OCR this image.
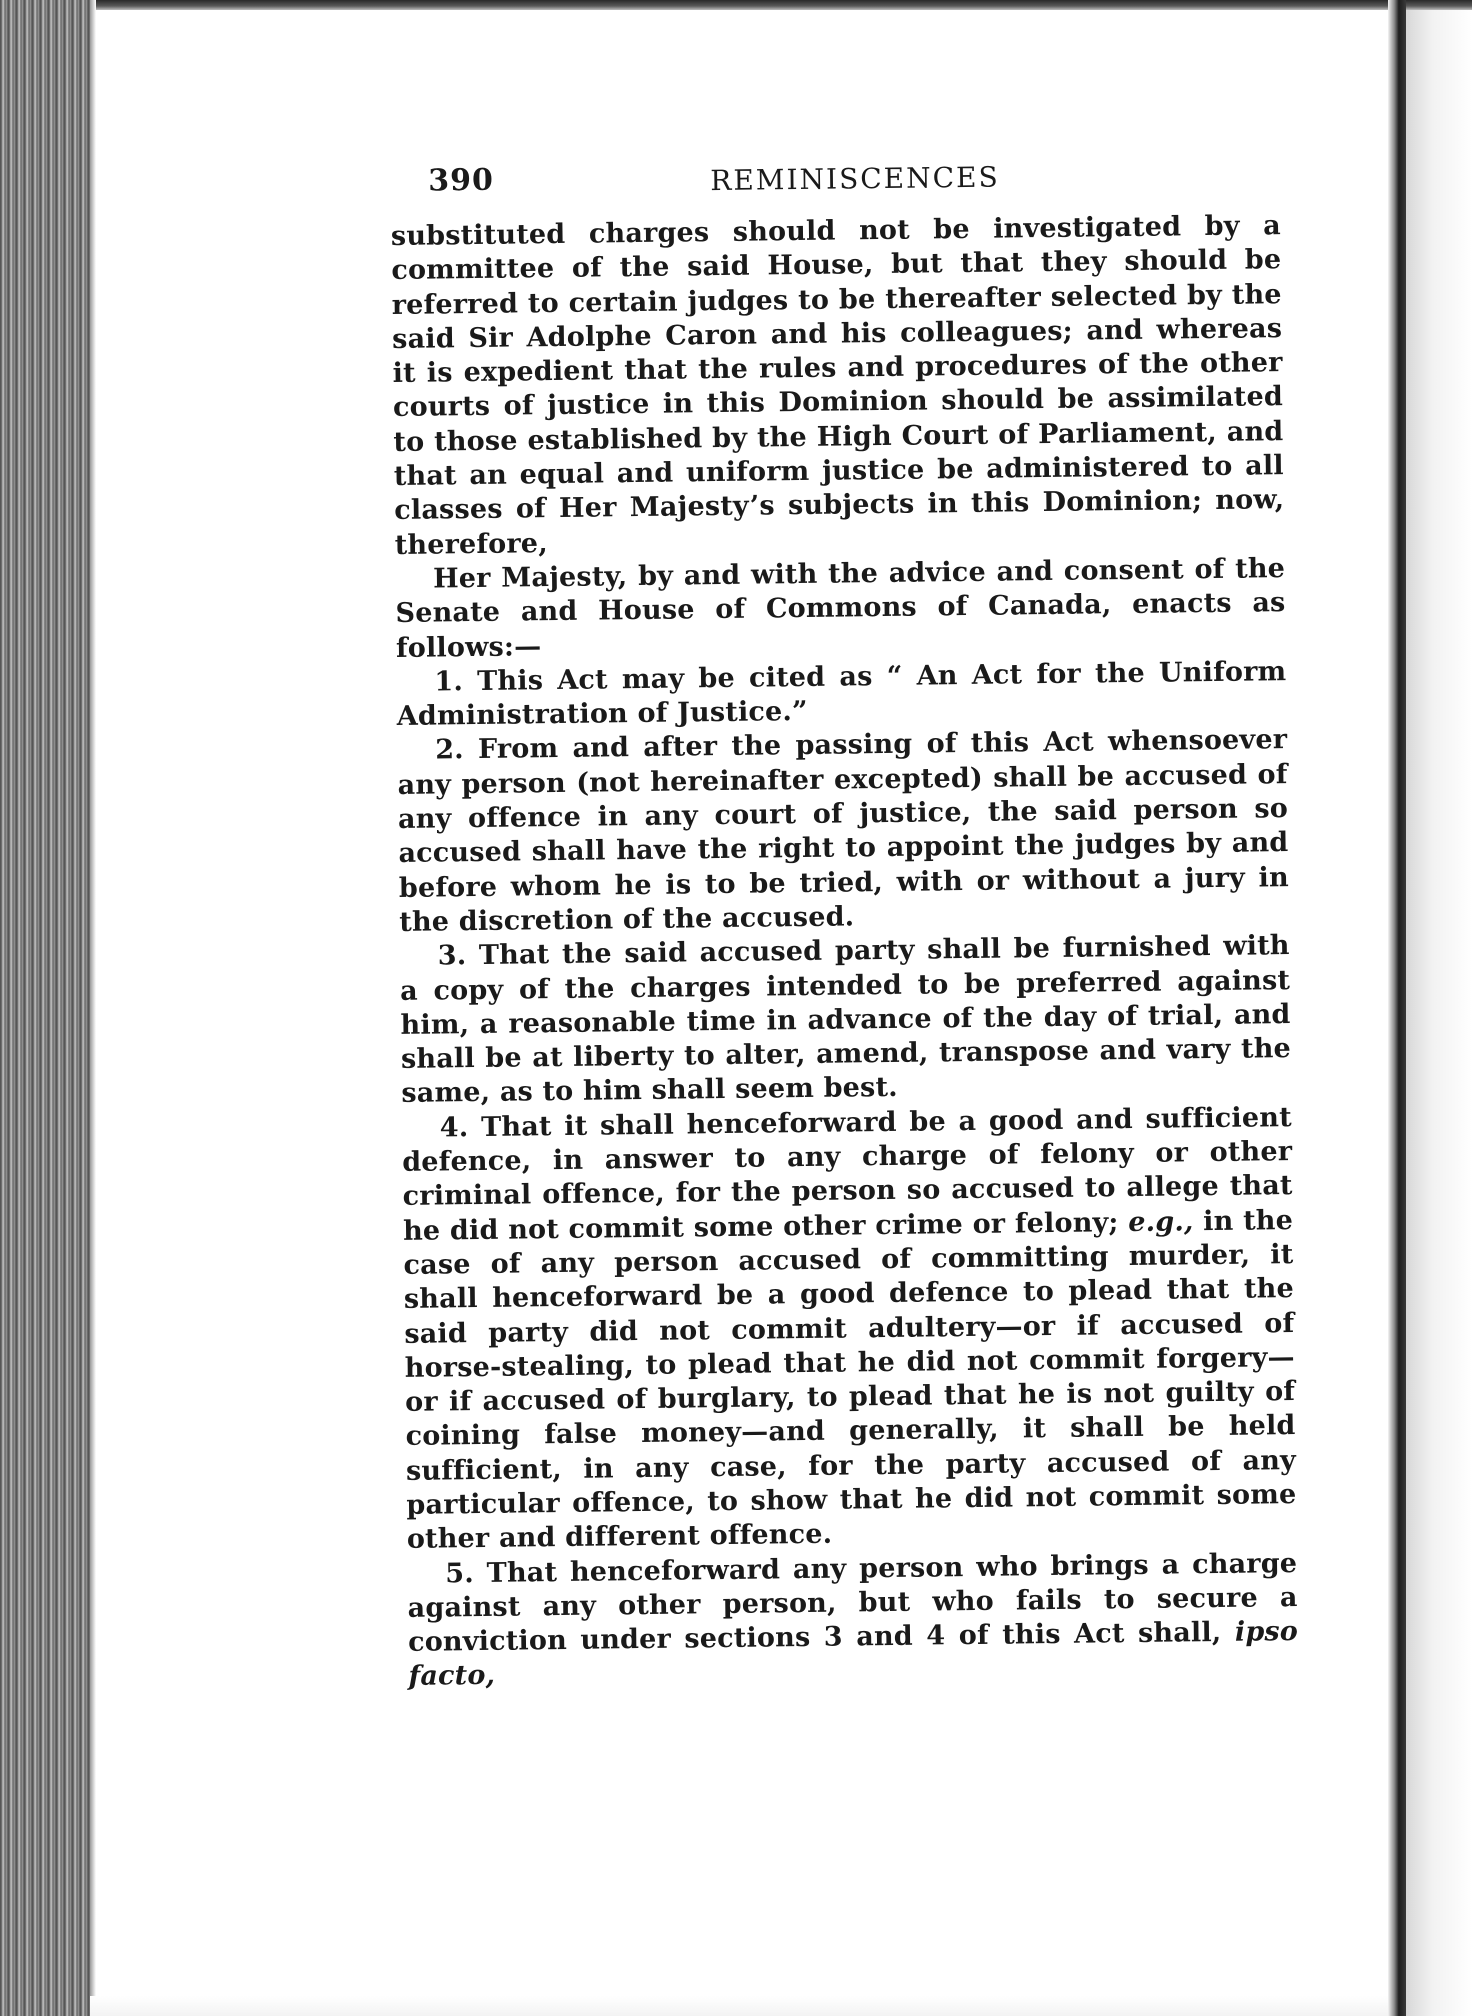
390	REMINISCENCES

substituted charges should not be investigated by a committee of the said House, but that they should be referred to certain judges to be thereafter selected by the said Sir Adolphe Caron and his colleagues; and whereas it is expedient that the rules and procedures of the other courts of justice in this Dominion should be assimilated to those established by the High Court of Parliament, and that an equal and uniform justice be administered to all classes of Her Majesty’s subjects in this Dominion; now, therefore,

Her Majesty, by and with the advice and consent of the Senate and House of Commons of Canada, enacts as follows:—

1. This Act may be cited as “ An Act for the Uniform Administration of Justice.”

2. From and after the passing of this Act whensoever any person (not hereinafter excepted) shall be accused of any offence in any court of justice, the said person so accused shall have the right to appoint the judges by and before whom he is to be tried, with or without a jury in the discretion of the accused.

3. That the said accused party shall be furnished with a copy of the charges intended to be preferred against him, a reasonable time in advance of the day of trial, and shall be at liberty to alter, amend, transpose and vary the same, as to him shall seem best.

4. That it shall henceforward be a good and sufficient defence, in answer to any charge of felony or other criminal offence, for the person so accused to allege that he did not commit some other crime or felony; e.g., in the case of any person accused of committing murder, it shall henceforward be a good defence to plead that the said party did not commit adultery—or if accused of horse-stealing, to plead that he did not commit forgery—or if accused of burglary, to plead that he is not guilty of coining false money—and generally, it shall be held sufficient, in any case, for the party accused of any particular offence, to show that he did not commit some other and different offence.

5. That henceforward any person who brings a charge against any other person, but who fails to secure a conviction under sections 3 and 4 of this Act shall, ipso facto,
